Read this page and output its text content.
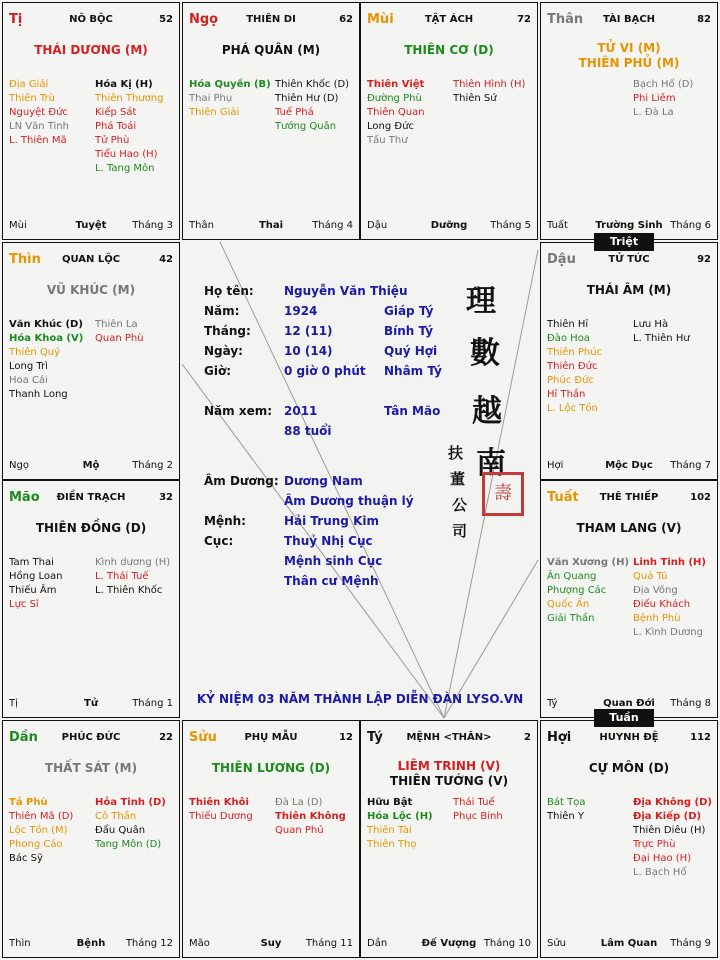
Tị	NÔ BỘC	52
THÁI DƯƠNG (M)
Địa Giải
Thiên Trù
Nguyệt Đức
LN Văn Tinh
L. Thiên Mã
Hóa Kị (H)
Thiên Thương
Kiếp Sát
Phá Toái
Tử Phù
Tiểu Hao (H)
L. Tang Môn
Mùi	Tuyệt	Tháng 3
Ngọ	THIÊN DI	62
PHÁ QUÂN (M)
Hóa Quyền (B)
Thai Phụ
Thiên Giải
Thiên Khốc (D)
Thiên Hư (D)
Tuế Phá
Tướng Quân
Thân	Thai	Tháng 4
Mùi	TẬT ÁCH	72
THIÊN CƠ (D)
Thiên Việt
Đường Phù
Thiên Quan
Long Đức
Tấu Thư
Thiên Hình (H)
Thiên Sứ
Dậu	Dưỡng	Tháng 5
Thân	TÀI BẠCH	82
TỬ VI (M)
THIÊN PHỦ (M)
Bạch Hổ (D)
Phi Liêm
L. Đà La
Tuất	Trường Sinh Tháng 6
Dậu	TỬ TỨC	92
THÁI ÂM (M)
Thiên Hỉ
Đào Hoa
Thiên Phúc
Thiên Đức
Phúc Đức
Hỉ Thần
L. Lộc Tồn
Lưu Hà
L. Thiên Hư
Hợi	Mộc Dục	Tháng 7
Tuất	THÊ THIẾP	102
THAM LANG (V)
Văn Xương (H)
Ân Quang
Phượng Các
Quốc Ấn
Giải Thần
Linh Tinh (H)
Quả Tú
Địa Võng
Điếu Khách
Bệnh Phù
L. Kình Dương
Tý	Quan Đới	Tháng 8
Hợi	HUYNH ĐỆ	112
CỰ MÔN (D)
Bát Tọa
Thiên Y
Địa Không (D)
Địa Kiếp (D)
Thiên Diêu (H)
Trực Phù
Đại Hao (H)
L. Bạch Hổ
Sửu	Lâm Quan	Tháng 9
Tý	MỆNH <THÂN>	2
LIÊM TRINH (V)
THIÊN TƯỚNG (V)
Hữu Bật
Hóa Lộc (H)
Thiên Tài
Thiên Thọ
Thái Tuế
Phục Binh
Dần	Đế Vượng Tháng 10
Sửu	PHỤ MẪU	12
THIÊN LƯƠNG (D)
Thiên Khôi
Thiếu Dương
Đà La (D)
Thiên Không
Quan Phủ
Mão	Suy	Tháng 11
Dần	PHÚC ĐỨC	22
THẤT SÁT (M)
Tả Phù
Thiên Mã (D)
Lộc Tồn (M)
Phong Cáo
Bác Sỹ
Hỏa Tinh (D)
Cô Thần
Đẩu Quân
Tang Môn (D)
Thìn	Bệnh	Tháng 12
Mão	ĐIỀN TRẠCH	32
THIÊN ĐỒNG (D)
Tam Thai
Hồng Loan
Thiếu Âm
Lực Sĩ
Kình dương (H)
L. Thái Tuế
L. Thiên Khốc
Tị	Tử	Tháng 1
Thìn	QUAN LỘC	42
VŨ KHÚC (M)
Văn Khúc (D)
Hóa Khoa (V)
Thiên Quý
Long Trì
Hoa Cái
Thanh Long
Thiên La
Quan Phù
Ngọ	Mộ	Tháng 2
Họ tên:	Nguyễn Văn Thiệu
Năm:	1924	Giáp Tý
Tháng:	12 (11)	Bính Tý
Ngày:	10 (14)	Quý Hợi
Giờ:	0 giờ 0 phút Nhâm Tý
Năm xem: 2011	Tân Mão
88 tuổi
Âm Dương: Dương Nam
Âm Dương thuận lý
Mệnh:	Hải Trung Kim
Cục:	Thuỷ Nhị Cục
Mệnh sinh Cục
Thân cư Mệnh
理
數
越
南
扶
董
公
司
壽
KỶ NIỆM 03 NĂM THÀNH LẬP DIỄN ĐÀN LYSO.VN
Triệt
Tuần
